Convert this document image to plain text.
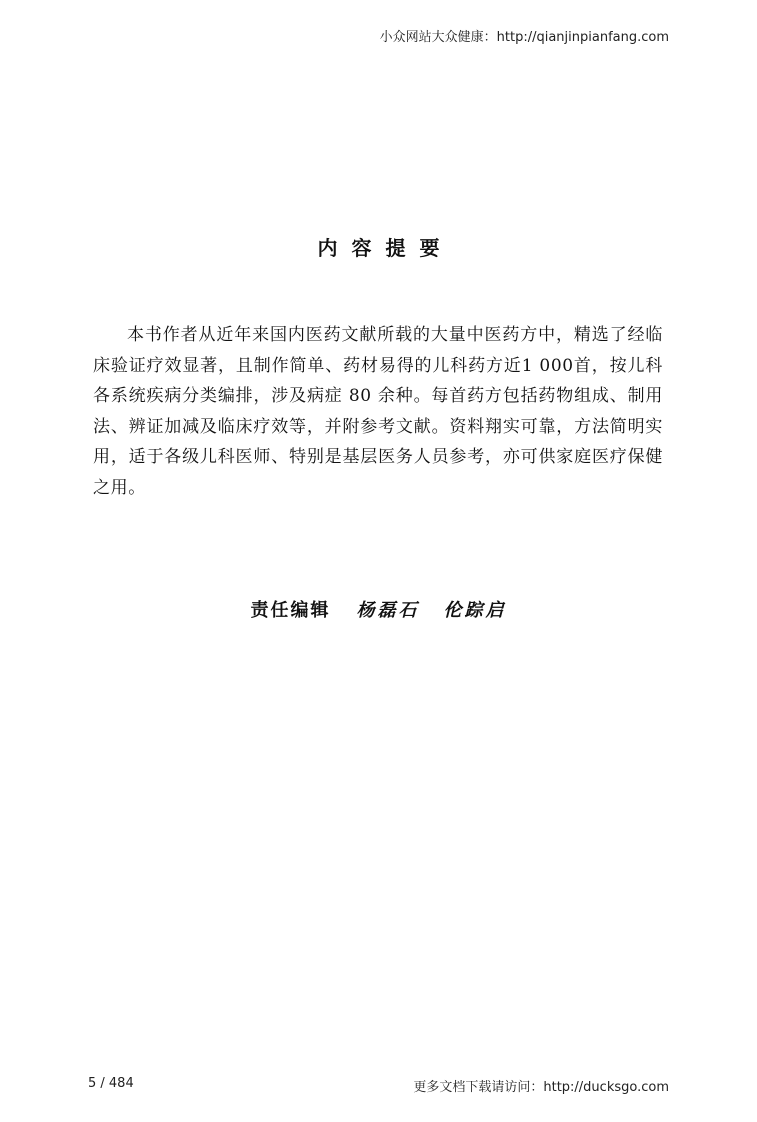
小众网站大众健康：http://qianjinpianfang.com
内容提要

本书作者从近年来国内医药文献所载的大量中医药方中，精选了经临床验证疗效显著，且制作简单、药材易得的儿科药方近1 000首，按儿科各系统疾病分类编排，涉及病症 80 余种。每首药方包括药物组成、制用法、辨证加减及临床疗效等，并附参考文献。资料翔实可靠，方法简明实用，适于各级儿科医师、特别是基层医务人员参考，亦可供家庭医疗保健之用。

责任编辑 杨磊石 伦踪启
5 / 484	更多文档下载请访问：http://ducksgo.com
